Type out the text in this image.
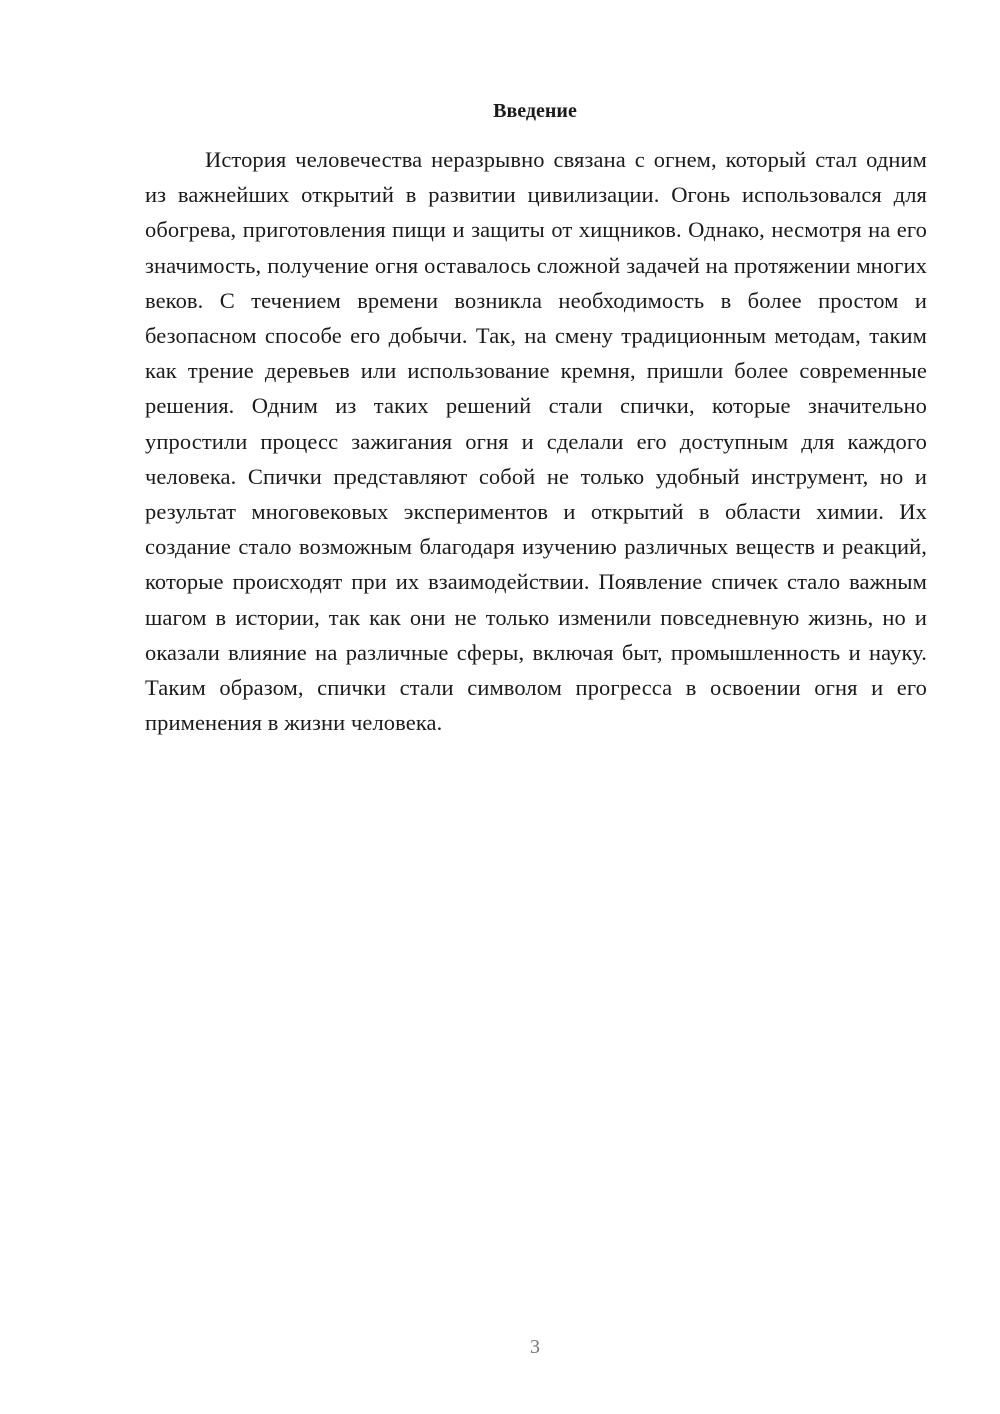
Введение

История человечества неразрывно связана с огнем, который стал одним из важнейших открытий в развитии цивилизации. Огонь использовался для обогрева, приготовления пищи и защиты от хищников. Однако, несмотря на его значимость, получение огня оставалось сложной задачей на протяжении многих веков. С течением времени возникла необходимость в более простом и безопасном способе его добычи. Так, на смену традиционным методам, таким как трение деревьев или использование кремня, пришли более современные решения. Одним из таких решений стали спички, которые значительно упростили процесс зажигания огня и сделали его доступным для каждого человека. Спички представляют собой не только удобный инструмент, но и результат многовековых экспериментов и открытий в области химии. Их создание стало возможным благодаря изучению различных веществ и реакций, которые происходят при их взаимодействии. Появление спичек стало важным шагом в истории, так как они не только изменили повседневную жизнь, но и оказали влияние на различные сферы, включая быт, промышленность и науку. Таким образом, спички стали символом прогресса в освоении огня и его применения в жизни человека.

3
